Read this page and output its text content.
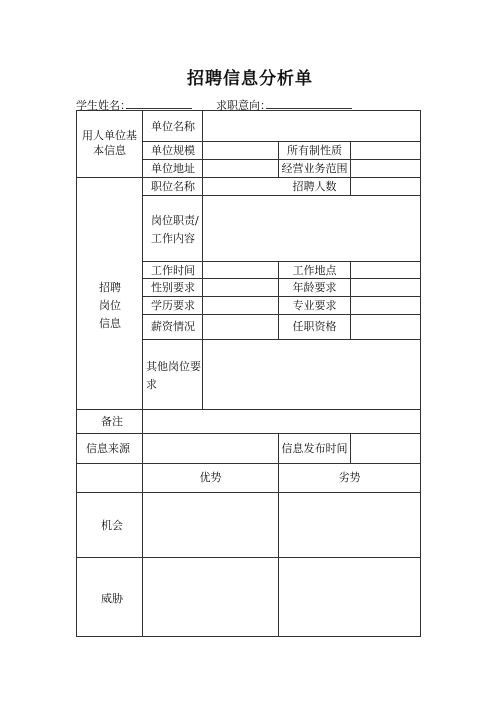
招聘信息分析单
学生姓名：	求职意向：
用人单位基本信息
单位名称
单位规模	所有制性质
单位地址	经营业务范围
招聘岗位信息
职位名称	招聘人数
岗位职责/工作内容
工作时间	工作地点
性别要求	年龄要求
学历要求	专业要求
薪资情况	任职资格
其他岗位要求
备注
信息来源	信息发布时间
优势	劣势
机会
威胁
